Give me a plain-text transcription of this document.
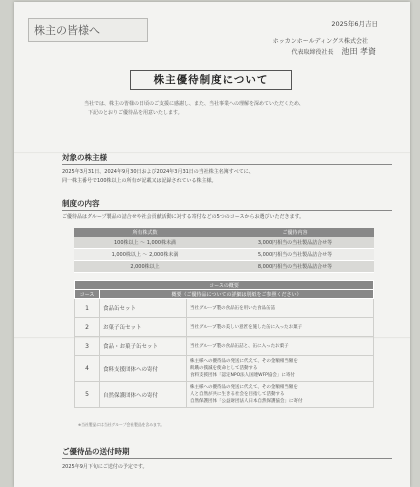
株主の皆様へ	2025年6月吉日
ホッカンホールディングス株式会社
代表取締役社長 池田 孝資
株主優待制度について
当社では、株主の皆様の日頃のご支援に感謝し、また、当社事業への理解を深めていただくため、
下記のとおりご優待品を用意いたします。
対象の株主様
2025年3月31日、2024年9月30日および2024年3月31日の当社株主名簿すべてに、
同一株主番号で100株以上の所有が記載又は記録されている株主様。
制度の内容
ご優待品はグループ製品の詰合せや社会貢献活動に対する寄付などの5つのコースからお選びいただきます。
所有株式数	ご優待内容
100株以上 ～ 1,000株未満	3,000円相当の当社製品詰合せ等
1,000株以上 ～ 2,000株未満	5,000円相当の当社製品詰合せ等
2,000株以上	8,000円相当の当社製品詰合せ等
コースの概要		
コース	概要（ご優待品についての詳細は別紙をご参照ください）	
1	食品缶セット	当社グループ製の食品缶を用いた食品缶詰

2	お菓子缶セット	当社グループ製の美しい意匠を施した缶に入ったお菓子

3	食品・お菓子缶セット	当社グループ製の食品缶詰と、缶に入ったお菓子

4	食料支援団体への寄付	株主様への優待品の発送に代えて、その金額相当額を
飢餓の撲滅を使命として活動する
食料支援団体「認定NPO法人国連WFP協会」に寄付

5	自然保護団体への寄付	株主様への優待品の発送に代えて、その金額相当額を
人と自然が共に生きる社会を目指して活動する
自然保護団体「公益財団法人日本自然保護協会」に寄付
※当社製品には当社グループ会社製品を含みます。
ご優待品の送付時期
2025年9月下旬にご送付の予定です。
